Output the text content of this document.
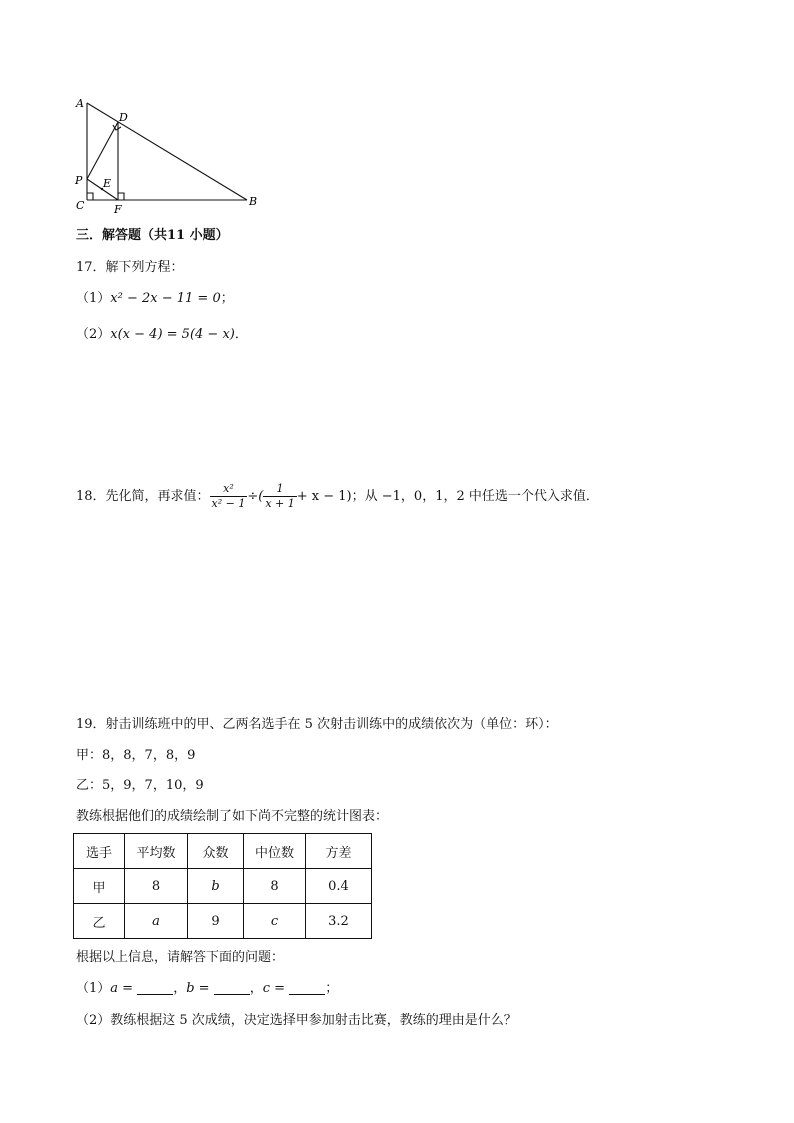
A
D
P E
C	F
B
三．解答题（共11 小题）
17．解下列方程：
（1）x² − 2x − 11 = 0；
（2）x(x − 4) = 5(4 − x)．
18．先化简，再求值： $\frac{\text{x²}}{\text{x² − 1}}$ ÷( $\frac{1}{x + 1} + x - 1$)；从 −1，0，1，2 中任选一个代入求值．
19．射击训练班中的甲、乙两名选手在 5 次射击训练中的成绩依次为（单位：环）：
甲：8，8，7，8，9
乙：5，9，7，10，9
教练根据他们的成绩绘制了如下尚不完整的统计图表：
选手	平均数	众数	中位数	方差
甲	8	b	8	0.4
乙	a	9	c	3.2
根据以上信息，请解答下面的问题：
（1）a =	，b =	，c =	；
（2）教练根据这 5 次成绩，决定选择甲参加射击比赛，教练的理由是什么？
